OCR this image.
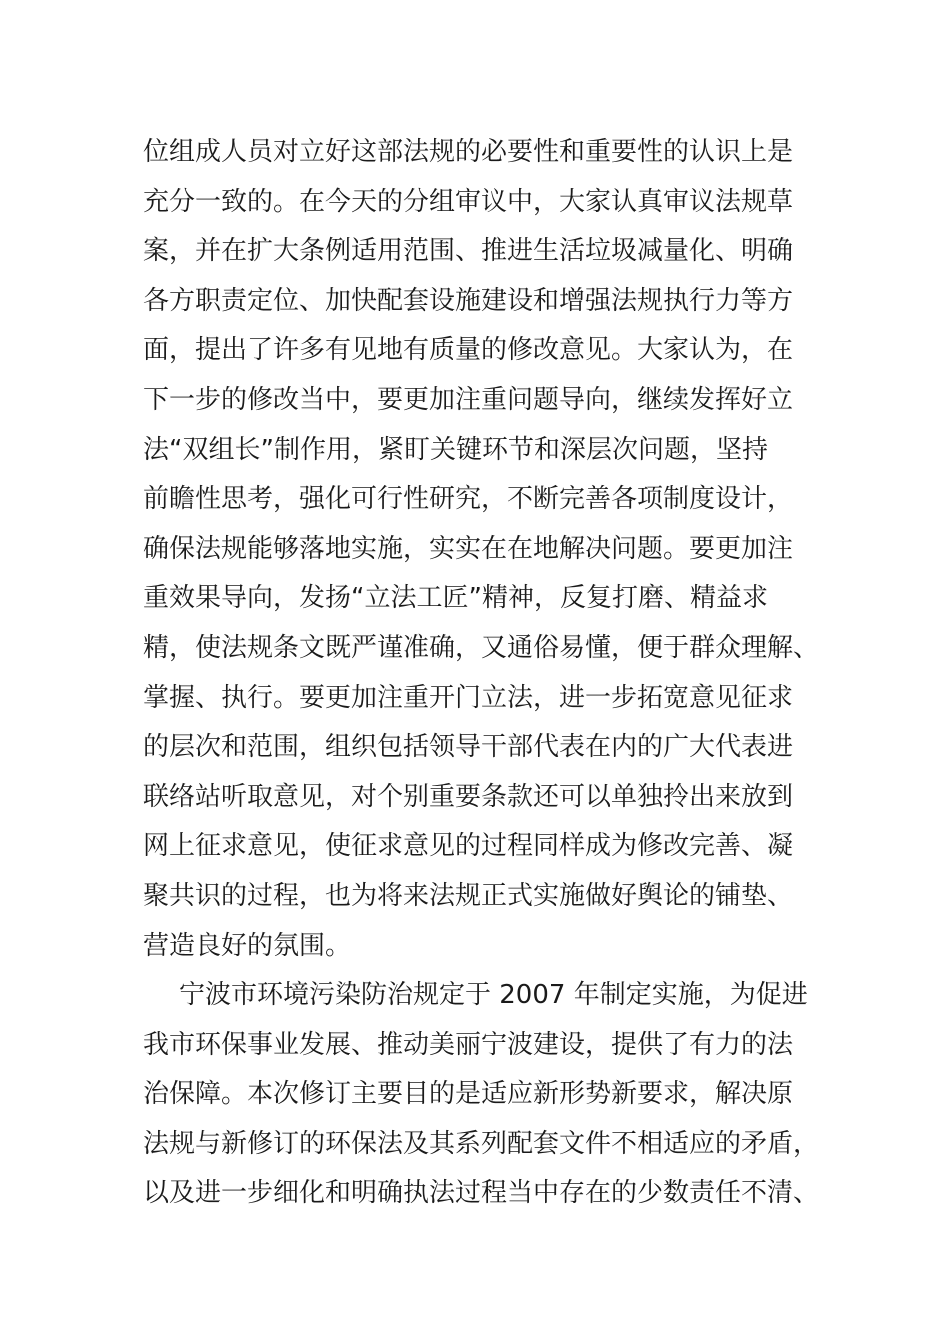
位组成人员对立好这部法规的必要性和重要性的认识上是
充分一致的。在今天的分组审议中，大家认真审议法规草
案，并在扩大条例适用范围、推进生活垃圾减量化、明确
各方职责定位、加快配套设施建设和增强法规执行力等方
面，提出了许多有见地有质量的修改意见。大家认为，在
下一步的修改当中，要更加注重问题导向，继续发挥好立
法“双组长”制作用，紧盯关键环节和深层次问题，坚持
前瞻性思考，强化可行性研究，不断完善各项制度设计，
确保法规能够落地实施，实实在在地解决问题。要更加注
重效果导向，发扬“立法工匠”精神，反复打磨、精益求
精，使法规条文既严谨准确，又通俗易懂，便于群众理解、
掌握、执行。要更加注重开门立法，进一步拓宽意见征求
的层次和范围，组织包括领导干部代表在内的广大代表进
联络站听取意见，对个别重要条款还可以单独拎出来放到
网上征求意见，使征求意见的过程同样成为修改完善、凝
聚共识的过程，也为将来法规正式实施做好舆论的铺垫、
营造良好的氛围。
宁波市环境污染防治规定于 2007 年制定实施，为促进
我市环保事业发展、推动美丽宁波建设，提供了有力的法
治保障。本次修订主要目的是适应新形势新要求，解决原
法规与新修订的环保法及其系列配套文件不相适应的矛盾，
以及进一步细化和明确执法过程当中存在的少数责任不清、
